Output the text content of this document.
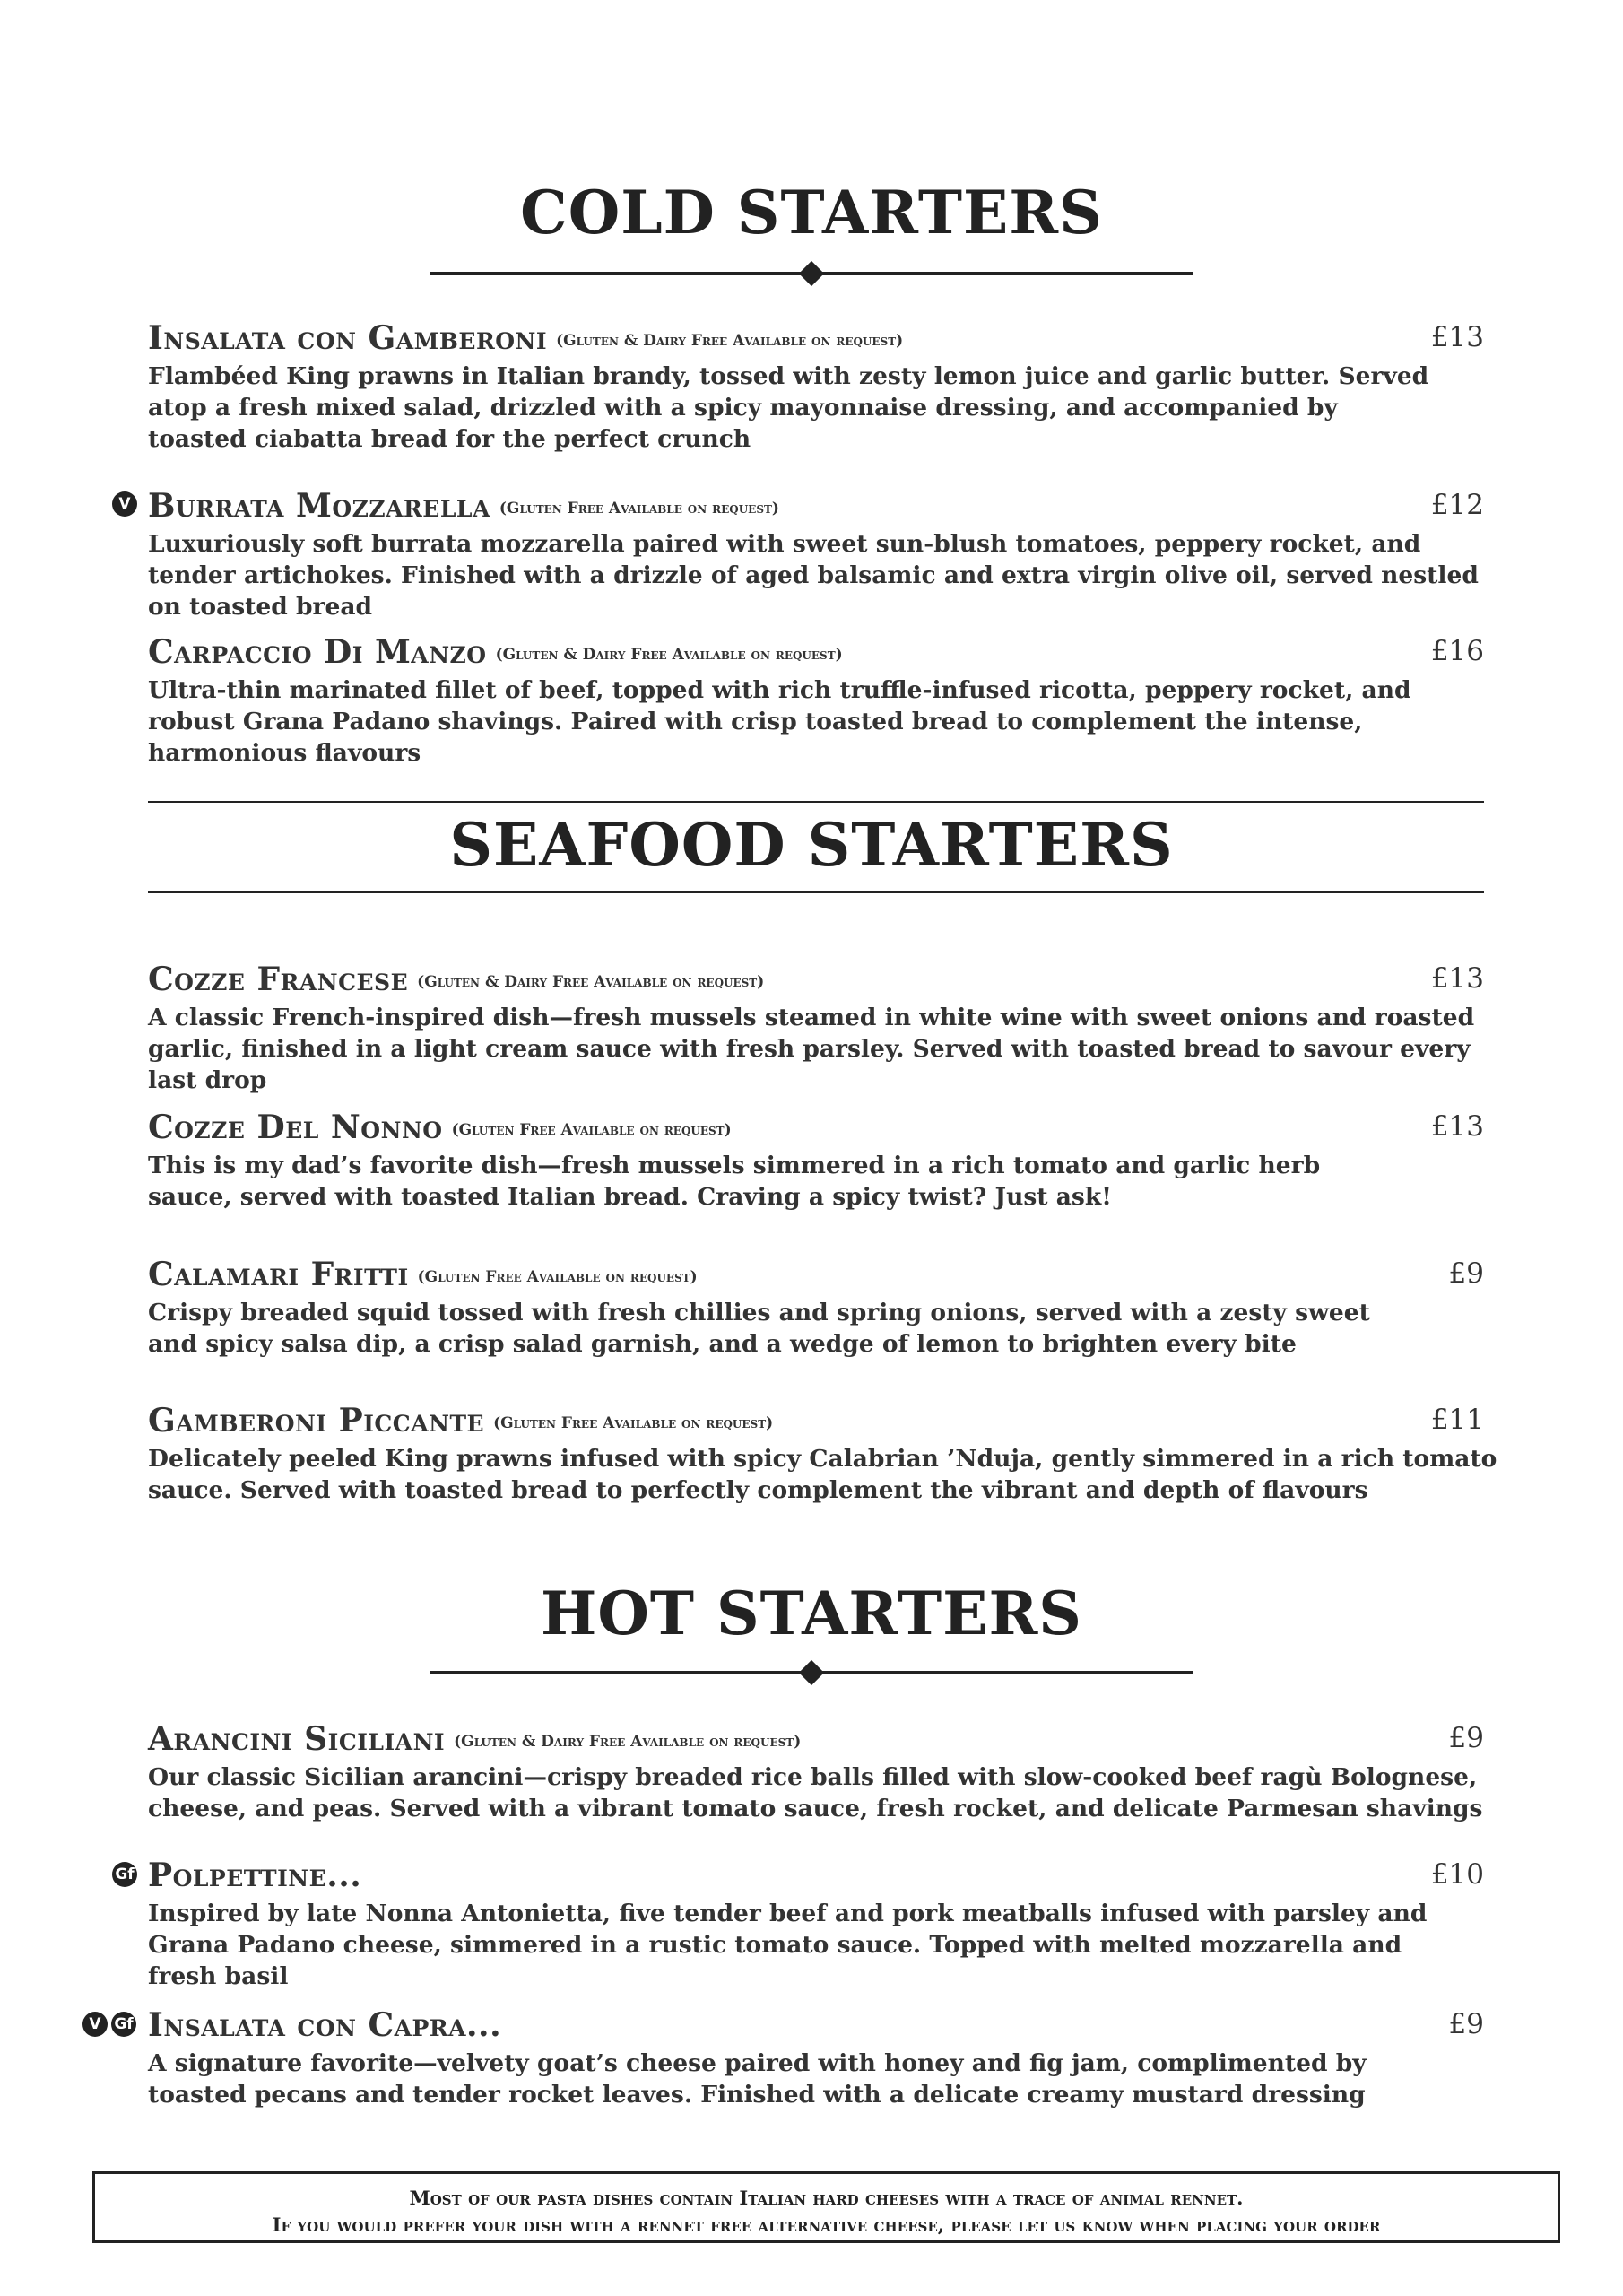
COLD STARTERS
Insalata con Gamberoni (Gluten & Dairy Free Available on request)	£13
Flambéed King prawns in Italian brandy, tossed with zesty lemon juice and garlic butter. Served atop a fresh mixed salad, drizzled with a spicy mayonnaise dressing, and accompanied by toasted ciabatta bread for the perfect crunch
V Burrata Mozzarella (Gluten Free Available on request)	£12
Luxuriously soft burrata mozzarella paired with sweet sun-blush tomatoes, peppery rocket, and tender artichokes. Finished with a drizzle of aged balsamic and extra virgin olive oil, served nestled on toasted bread
Carpaccio Di Manzo (Gluten & Dairy Free Available on request)	£16
Ultra-thin marinated fillet of beef, topped with rich truffle-infused ricotta, peppery rocket, and robust Grana Padano shavings. Paired with crisp toasted bread to complement the intense, harmonious flavours
SEAFOOD STARTERS
Cozze Francese (Gluten & Dairy Free Available on request)	£13
A classic French-inspired dish—fresh mussels steamed in white wine with sweet onions and roasted garlic, finished in a light cream sauce with fresh parsley. Served with toasted bread to savour every last drop
Cozze Del Nonno (Gluten Free Available on request)	£13
This is my dad’s favorite dish—fresh mussels simmered in a rich tomato and garlic herb sauce, served with toasted Italian bread. Craving a spicy twist? Just ask!
Calamari Fritti (Gluten Free Available on request)	£9
Crispy breaded squid tossed with fresh chillies and spring onions, served with a zesty sweet and spicy salsa dip, a crisp salad garnish, and a wedge of lemon to brighten every bite
Gamberoni Piccante (Gluten Free Available on request)	£11
Delicately peeled King prawns infused with spicy Calabrian ’Nduja, gently simmered in a rich tomato sauce. Served with toasted bread to perfectly complement the vibrant and depth of flavours
HOT STARTERS
Arancini Siciliani (Gluten & Dairy Free Available on request)	£9
Our classic Sicilian arancini—crispy breaded rice balls filled with slow-cooked beef ragù Bolognese, cheese, and peas. Served with a vibrant tomato sauce, fresh rocket, and delicate Parmesan shavings
Gf Polpettine...	£10
Inspired by late Nonna Antonietta, five tender beef and pork meatballs infused with parsley and Grana Padano cheese, simmered in a rustic tomato sauce. Topped with melted mozzarella and fresh basil
V Gf Insalata con Capra...	£9
A signature favorite—velvety goat’s cheese paired with honey and fig jam, complimented by toasted pecans and tender rocket leaves. Finished with a delicate creamy mustard dressing
Most of our pasta dishes contain Italian hard cheeses with a trace of animal rennet.
If you would prefer your dish with a rennet free alternative cheese, please let us know when placing your order
